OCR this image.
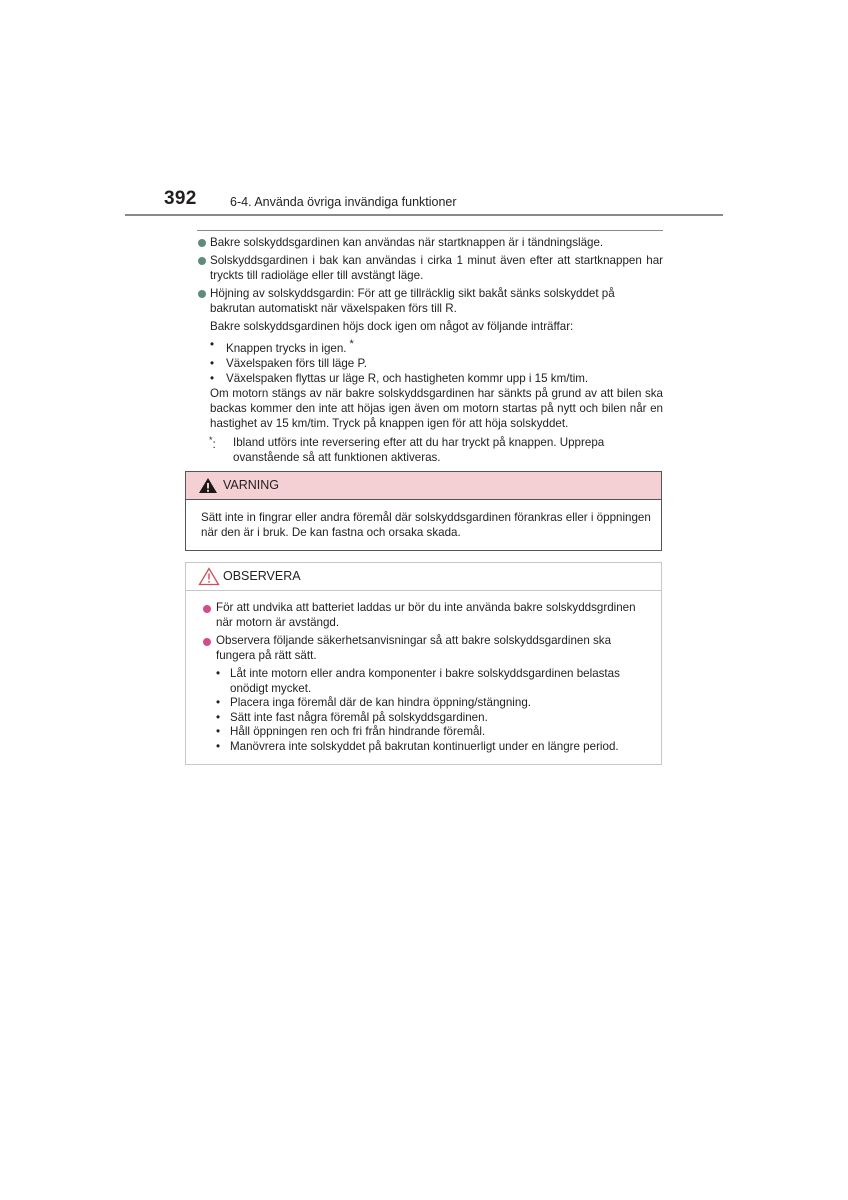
392	6-4. Använda övriga invändiga funktioner
Bakre solskyddsgardinen kan användas när startknappen är i tändningsläge.
Solskyddsgardinen i bak kan användas i cirka 1 minut även efter att startknappen har tryckts till radioläge eller till avstängt läge.
Höjning av solskyddsgardin: För att ge tillräcklig sikt bakåt sänks solskyddet på bakrutan automatiskt när växelspaken förs till R.
Bakre solskyddsgardinen höjs dock igen om något av följande inträffar:
• Knappen trycks in igen. *
• Växelspaken förs till läge P.
• Växelspaken flyttas ur läge R, och hastigheten kommr upp i 15 km/tim.
Om motorn stängs av när bakre solskyddsgardinen har sänkts på grund av att bilen ska backas kommer den inte att höjas igen även om motorn startas på nytt och bilen når en hastighet av 15 km/tim. Tryck på knappen igen för att höja solskyddet.
*: Ibland utförs inte reversering efter att du har tryckt på knappen. Upprepa ovanstående så att funktionen aktiveras.
VARNING
Sätt inte in fingrar eller andra föremål där solskyddsgardinen förankras eller i öppningen när den är i bruk. De kan fastna och orsaka skada.
OBSERVERA
För att undvika att batteriet laddas ur bör du inte använda bakre solskyddsgrdinen när motorn är avstängd.
Observera följande säkerhetsanvisningar så att bakre solskyddsgardinen ska fungera på rätt sätt.
• Låt inte motorn eller andra komponenter i bakre solskyddsgardinen belastas onödigt mycket.
• Placera inga föremål där de kan hindra öppning/stängning.
• Sätt inte fast några föremål på solskyddsgardinen.
• Håll öppningen ren och fri från hindrande föremål.
• Manövrera inte solskyddet på bakrutan kontinuerligt under en längre period.
